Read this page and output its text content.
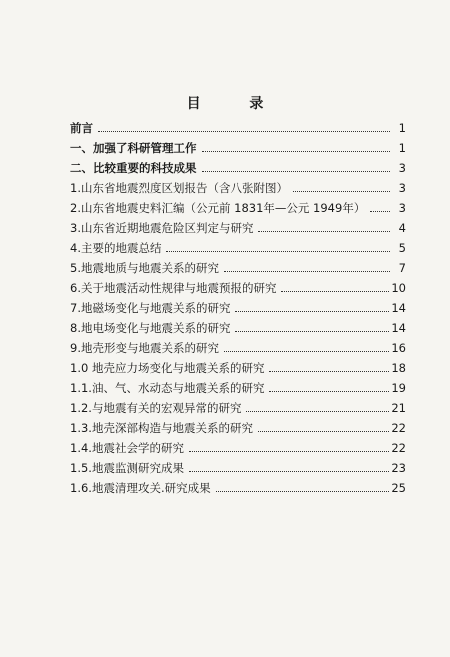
目 录
前言	1
一、加强了科研管理工作	1
二、比较重要的科技成果	3
1.山东省地震烈度区划报告（含八张附图）	3
2.山东省地震史料汇编（公元前 1831年—公元 1949年）	3
3.山东省近期地震危险区判定与研究	4
4.主要的地震总结	5
5.地震地质与地震关系的研究	7
6.关于地震活动性规律与地震预报的研究	10
7.地磁场变化与地震关系的研究	14
8.地电场变化与地震关系的研究	14
9.地壳形变与地震关系的研究	16
1.0 地壳应力场变化与地震关系的研究	18
1.1.油、气、水动态与地震关系的研究	19
1.2.与地震有关的宏观异常的研究	21
1.3.地壳深部构造与地震关系的研究	22
1.4.地震社会学的研究	22
1.5.地震监测研究成果	23
1.6.地震清理攻关.研究成果	25
